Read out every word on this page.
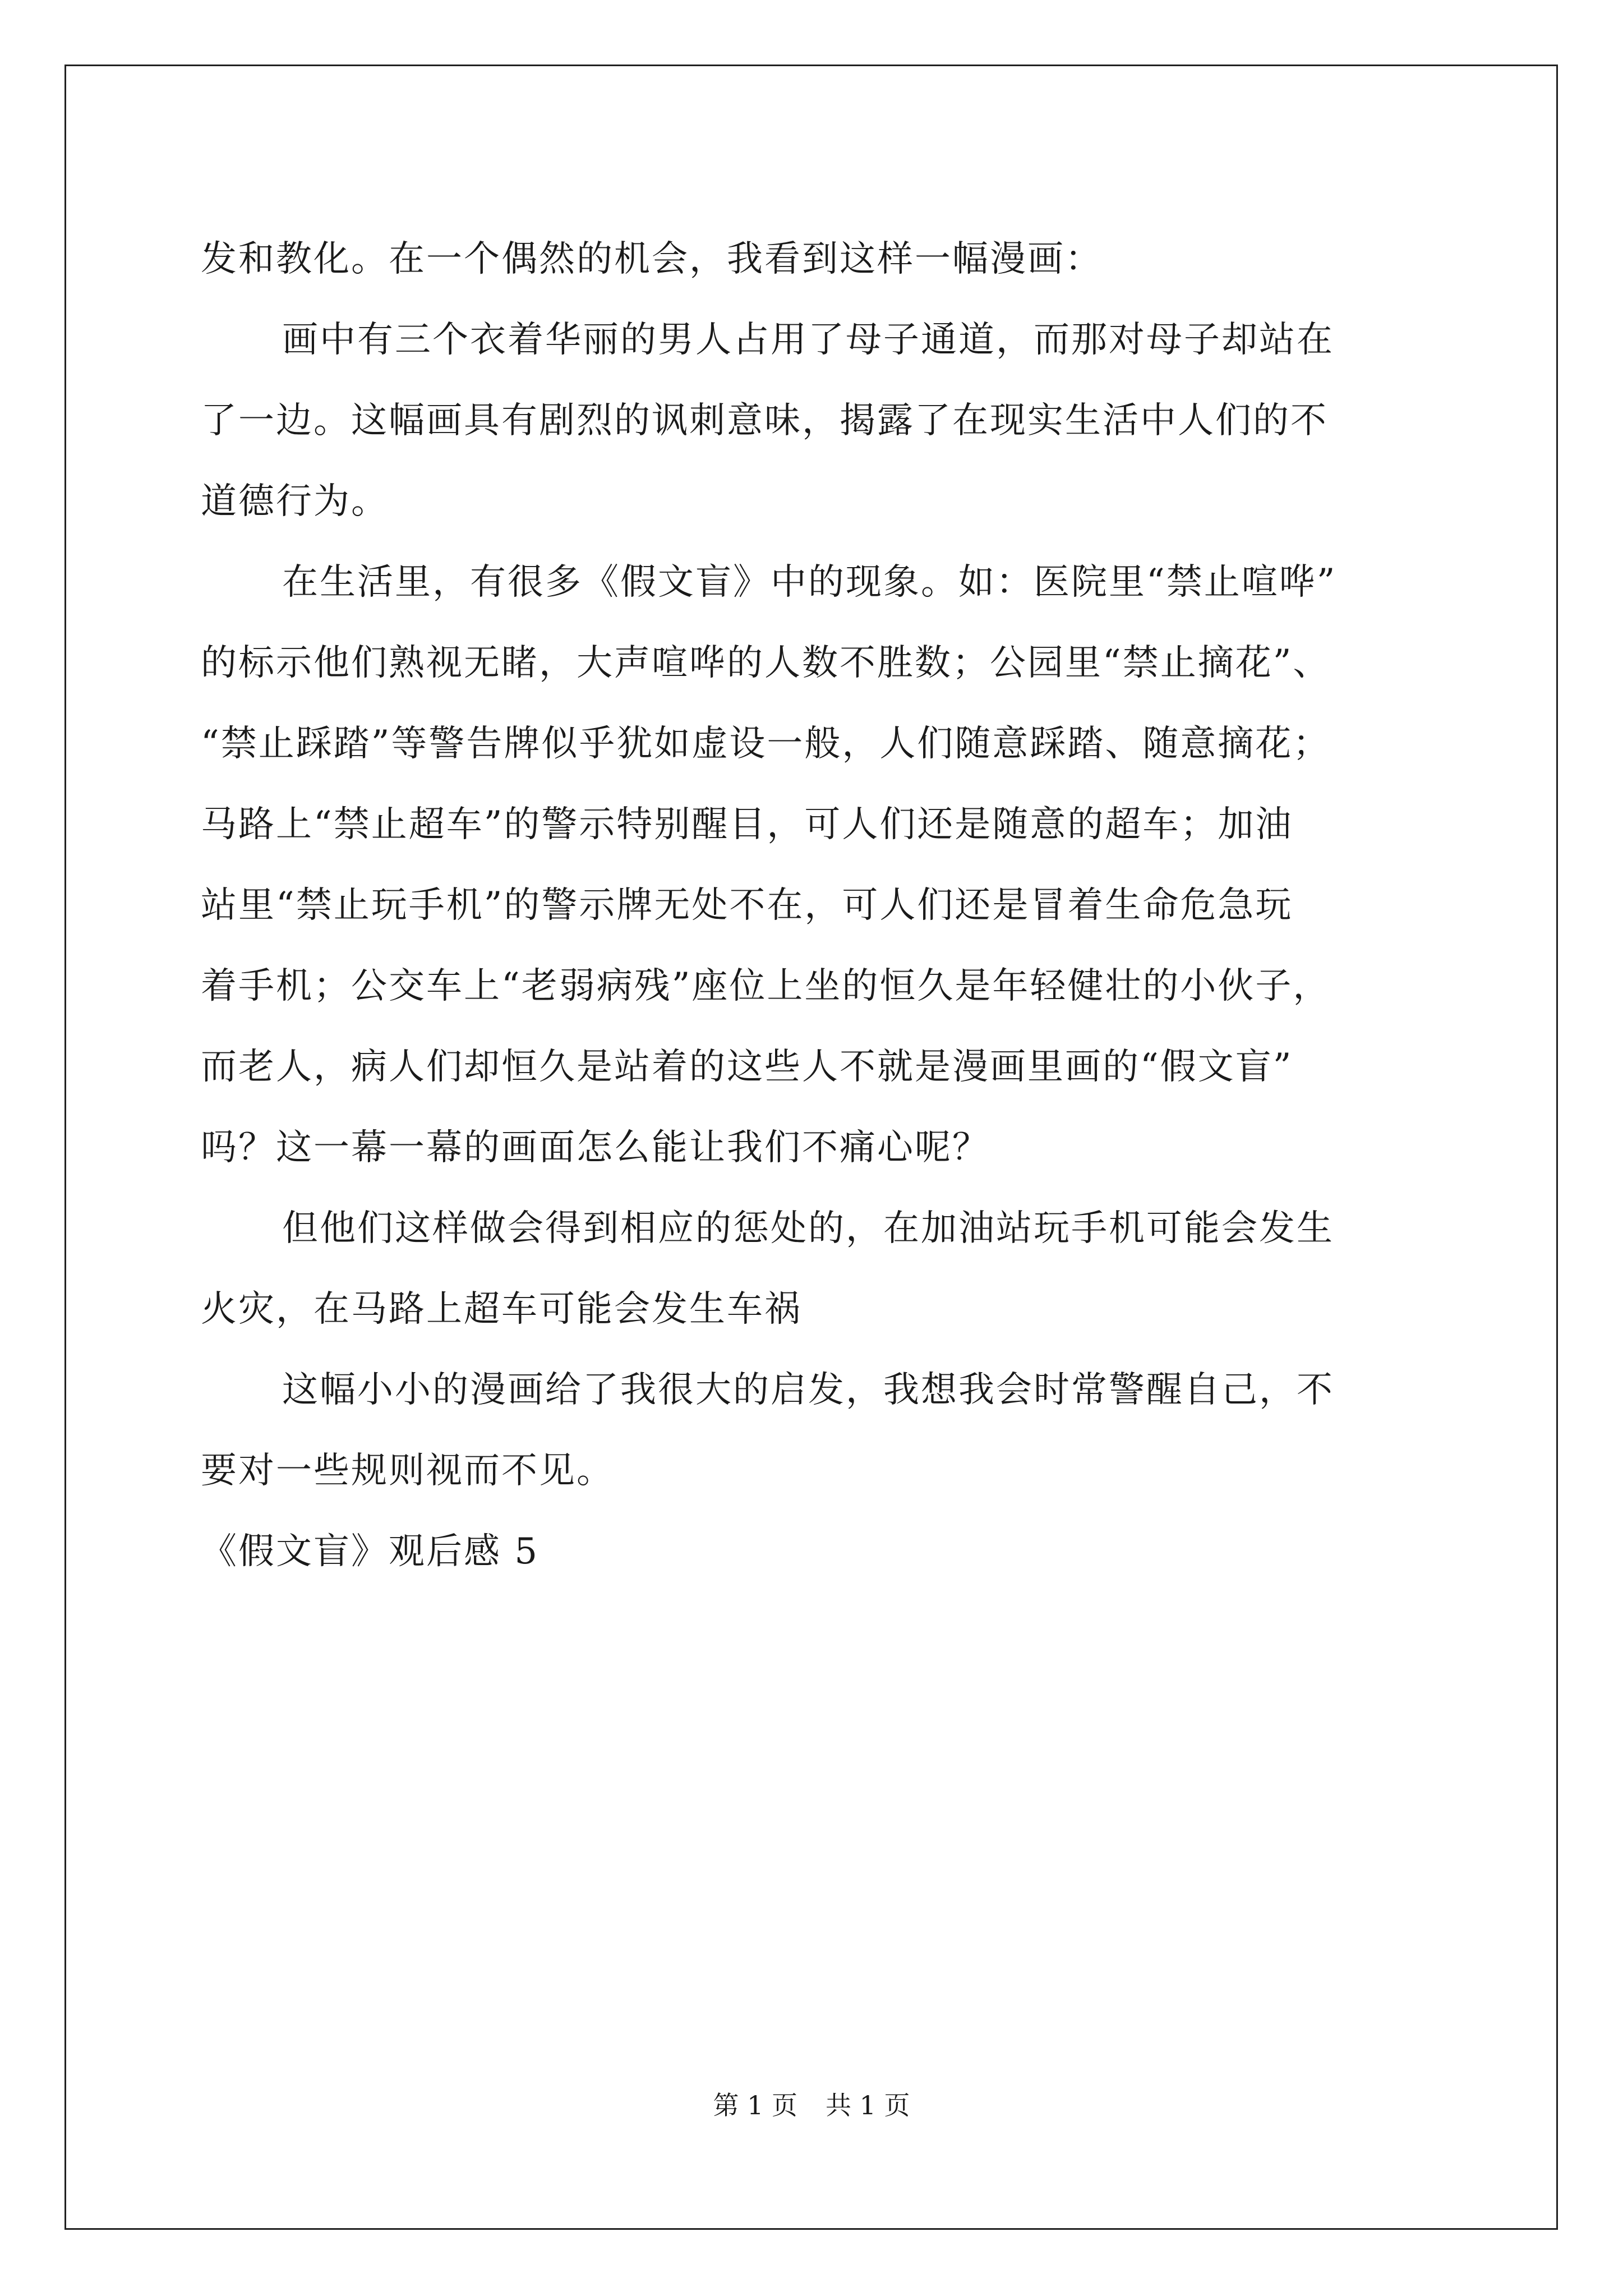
发和教化。在一个偶然的机会，我看到这样一幅漫画：
画中有三个衣着华丽的男人占用了母子通道，而那对母子却站在
了一边。这幅画具有剧烈的讽刺意味，揭露了在现实生活中人们的不
道德行为。
在生活里，有很多《假文盲》中的现象。如：医院里“禁止喧哗”
的标示他们熟视无睹，大声喧哗的人数不胜数；公园里“禁止摘花”、
“禁止踩踏”等警告牌似乎犹如虚设一般，人们随意踩踏、随意摘花；
马路上“禁止超车”的警示特别醒目，可人们还是随意的超车；加油
站里“禁止玩手机”的警示牌无处不在，可人们还是冒着生命危急玩
着手机；公交车上“老弱病残”座位上坐的恒久是年轻健壮的小伙子，
而老人，病人们却恒久是站着的这些人不就是漫画里画的“假文盲”
吗？这一幕一幕的画面怎么能让我们不痛心呢？
但他们这样做会得到相应的惩处的，在加油站玩手机可能会发生
火灾，在马路上超车可能会发生车祸
这幅小小的漫画给了我很大的启发，我想我会时常警醒自己，不
要对一些规则视而不见。
《假文盲》观后感 5
第 1 页 共 1 页
